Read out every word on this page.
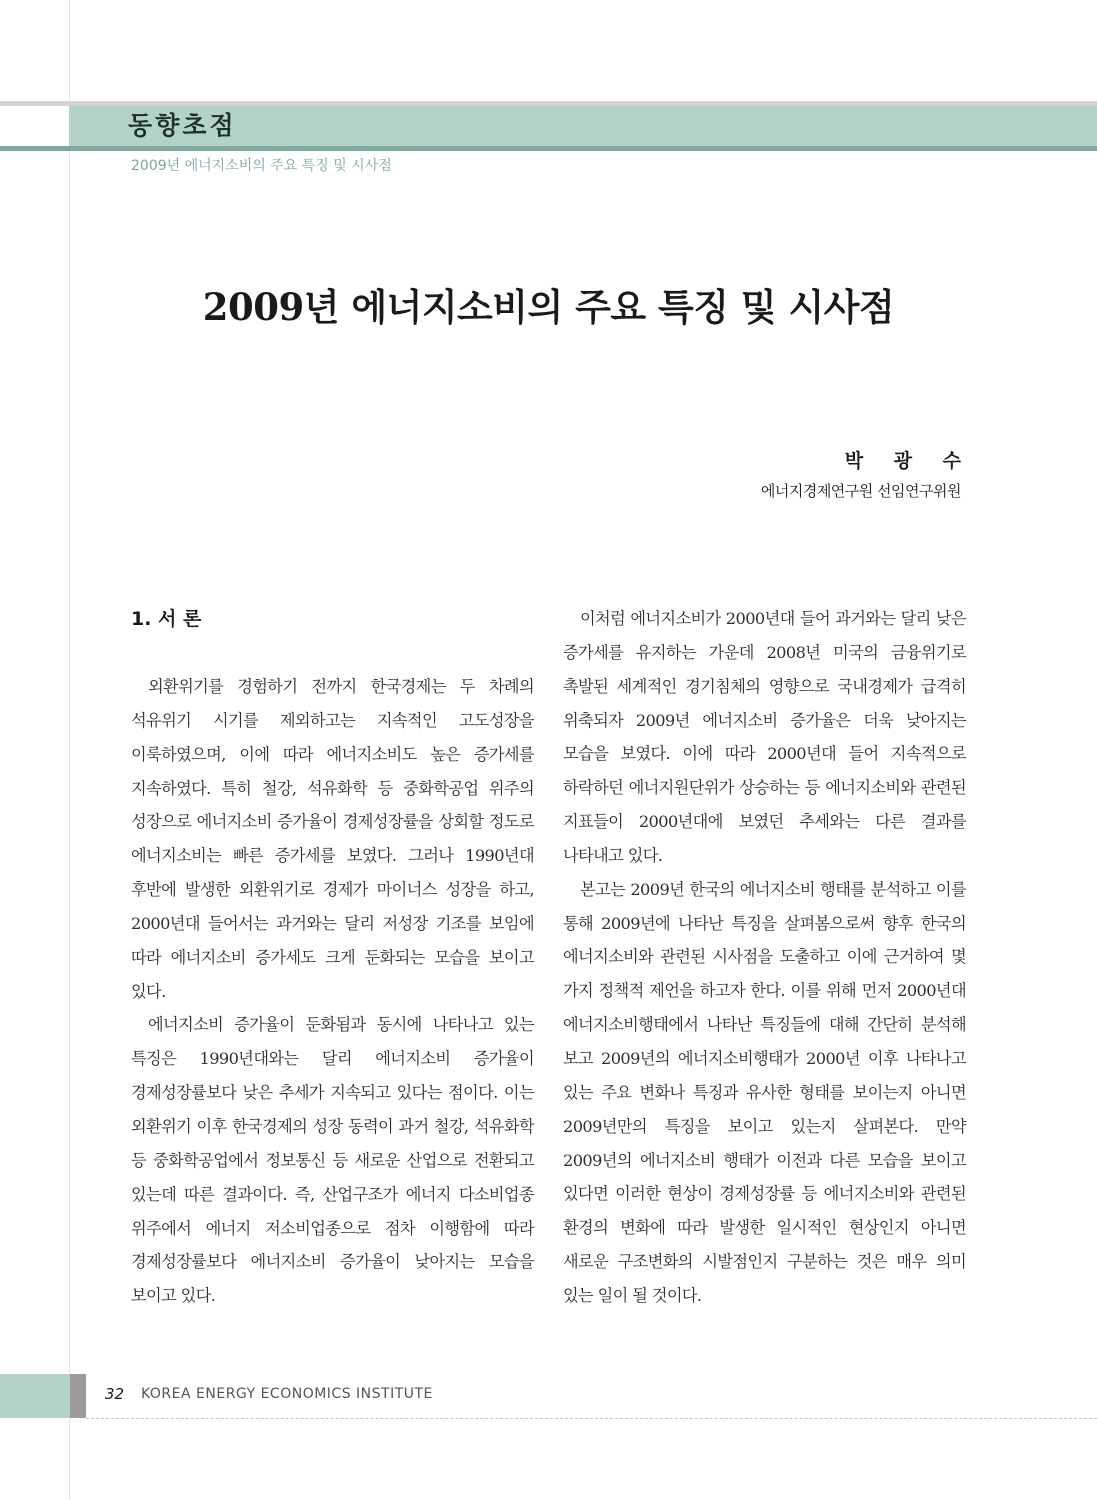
동향초점
2009년 에너지소비의 주요 특징 및 시사점
2009년 에너지소비의 주요 특징 및 시사점
박 광 수
에너지경제연구원 선임연구위원
1. 서 론

외환위기를 경험하기 전까지 한국경제는 두 차례의 석유위기 시기를 제외하고는 지속적인 고도성장을 이룩하였으며, 이에 따라 에너지소비도 높은 증가세를 지속하였다. 특히 철강, 석유화학 등 중화학공업 위주의 성장으로 에너지소비 증가율이 경제성장률을 상회할 정도로 에너지소비는 빠른 증가세를 보였다. 그러나 1990년대 후반에 발생한 외환위기로 경제가 마이너스 성장을 하고, 2000년대 들어서는 과거와는 달리 저성장 기조를 보임에 따라 에너지소비 증가세도 크게 둔화되는 모습을 보이고 있다.

에너지소비 증가율이 둔화됨과 동시에 나타나고 있는 특징은 1990년대와는 달리 에너지소비 증가율이 경제성장률보다 낮은 추세가 지속되고 있다는 점이다. 이는 외환위기 이후 한국경제의 성장 동력이 과거 철강, 석유화학 등 중화학공업에서 정보통신 등 새로운 산업으로 전환되고 있는데 따른 결과이다. 즉, 산업구조가 에너지 다소비업종 위주에서 에너지 저소비업종으로 점차 이행함에 따라 경제성장률보다 에너지소비 증가율이 낮아지는 모습을 보이고 있다.

이처럼 에너지소비가 2000년대 들어 과거와는 달리 낮은 증가세를 유지하는 가운데 2008년 미국의 금융위기로 촉발된 세계적인 경기침체의 영향으로 국내경제가 급격히 위축되자 2009년 에너지소비 증가율은 더욱 낮아지는 모습을 보였다. 이에 따라 2000년대 들어 지속적으로 하락하던 에너지원단위가 상승하는 등 에너지소비와 관련된 지표들이 2000년대에 보였던 추세와는 다른 결과를 나타내고 있다.

본고는 2009년 한국의 에너지소비 행태를 분석하고 이를 통해 2009년에 나타난 특징을 살펴봄으로써 향후 한국의 에너지소비와 관련된 시사점을 도출하고 이에 근거하여 몇 가지 정책적 제언을 하고자 한다. 이를 위해 먼저 2000년대 에너지소비행태에서 나타난 특징들에 대해 간단히 분석해 보고 2009년의 에너지소비행태가 2000년 이후 나타나고 있는 주요 변화나 특징과 유사한 형태를 보이는지 아니면 2009년만의 특징을 보이고 있는지 살펴본다. 만약 2009년의 에너지소비 행태가 이전과 다른 모습을 보이고 있다면 이러한 현상이 경제성장률 등 에너지소비와 관련된 환경의 변화에 따라 발생한 일시적인 현상인지 아니면 새로운 구조변화의 시발점인지 구분하는 것은 매우 의미 있는 일이 될 것이다.

32 KOREA ENERGY ECONOMICS INSTITUTE
